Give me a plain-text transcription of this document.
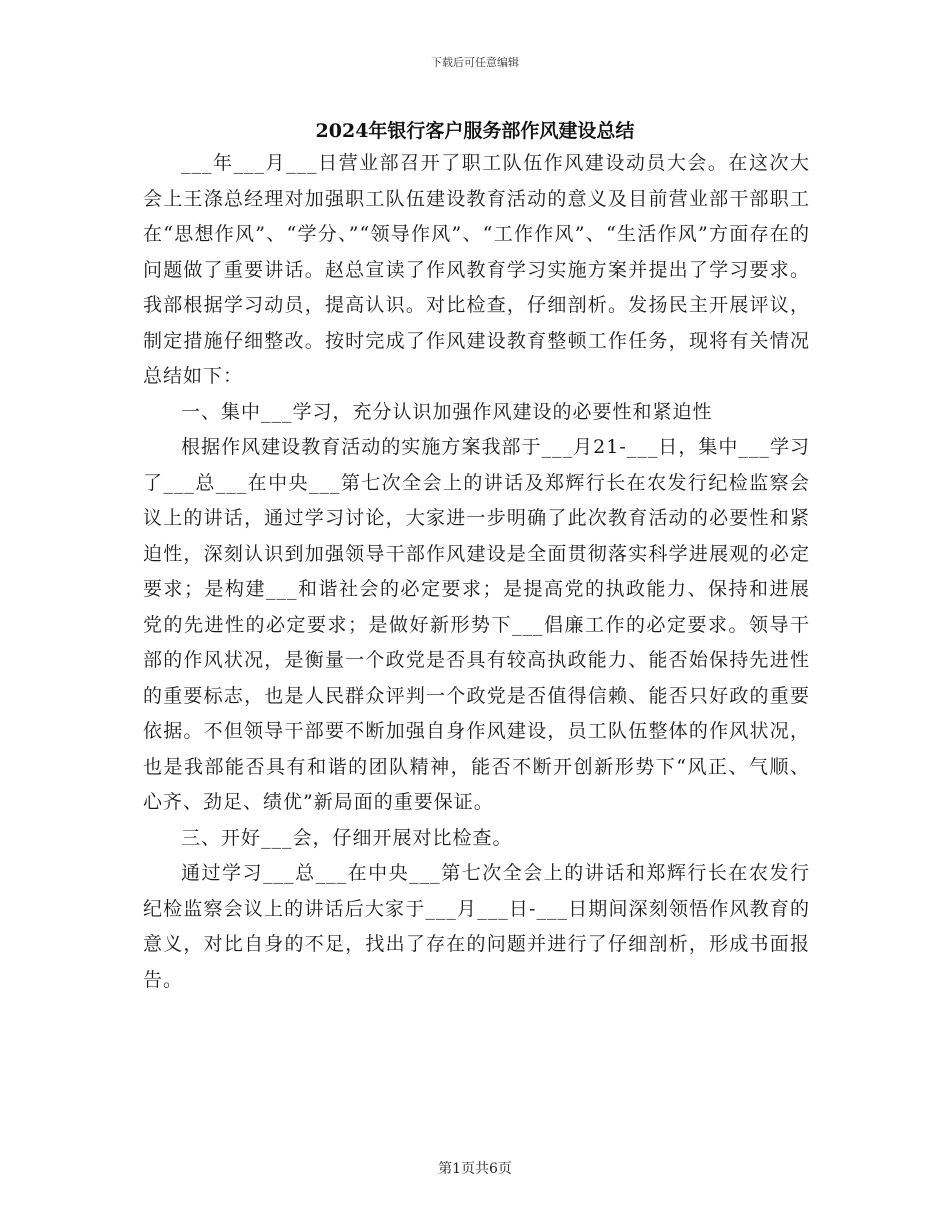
下载后可任意编辑
2024年银行客户服务部作风建设总结

___年___月___日营业部召开了职工队伍作风建设动员大会。在这次大会上王涤总经理对加强职工队伍建设教育活动的意义及目前营业部干部职工在“思想作风”、“学分、”“领导作风”、“工作作风”、“生活作风”方面存在的问题做了重要讲话。赵总宣读了作风教育学习实施方案并提出了学习要求。我部根据学习动员，提高认识。对比检查，仔细剖析。发扬民主开展评议，制定措施仔细整改。按时完成了作风建设教育整顿工作任务，现将有关情况总结如下：

一、集中___学习，充分认识加强作风建设的必要性和紧迫性

根据作风建设教育活动的实施方案我部于___月21-___日，集中___学习了___总___在中央___第七次全会上的讲话及郑辉行长在农发行纪检监察会议上的讲话，通过学习讨论，大家进一步明确了此次教育活动的必要性和紧迫性，深刻认识到加强领导干部作风建设是全面贯彻落实科学进展观的必定要求；是构建___和谐社会的必定要求；是提高党的执政能力、保持和进展党的先进性的必定要求；是做好新形势下___倡廉工作的必定要求。领导干部的作风状况，是衡量一个政党是否具有较高执政能力、能否始保持先进性的重要标志，也是人民群众评判一个政党是否值得信赖、能否只好政的重要依据。不但领导干部要不断加强自身作风建设，员工队伍整体的作风状况，也是我部能否具有和谐的团队精神，能否不断开创新形势下“风正、气顺、心齐、劲足、绩优”新局面的重要保证。

三、开好___会，仔细开展对比检查。

通过学习___总___在中央___第七次全会上的讲话和郑辉行长在农发行纪检监察会议上的讲话后大家于___月___日-___日期间深刻领悟作风教育的意义，对比自身的不足，找出了存在的问题并进行了仔细剖析，形成书面报告。

第1页共6页
